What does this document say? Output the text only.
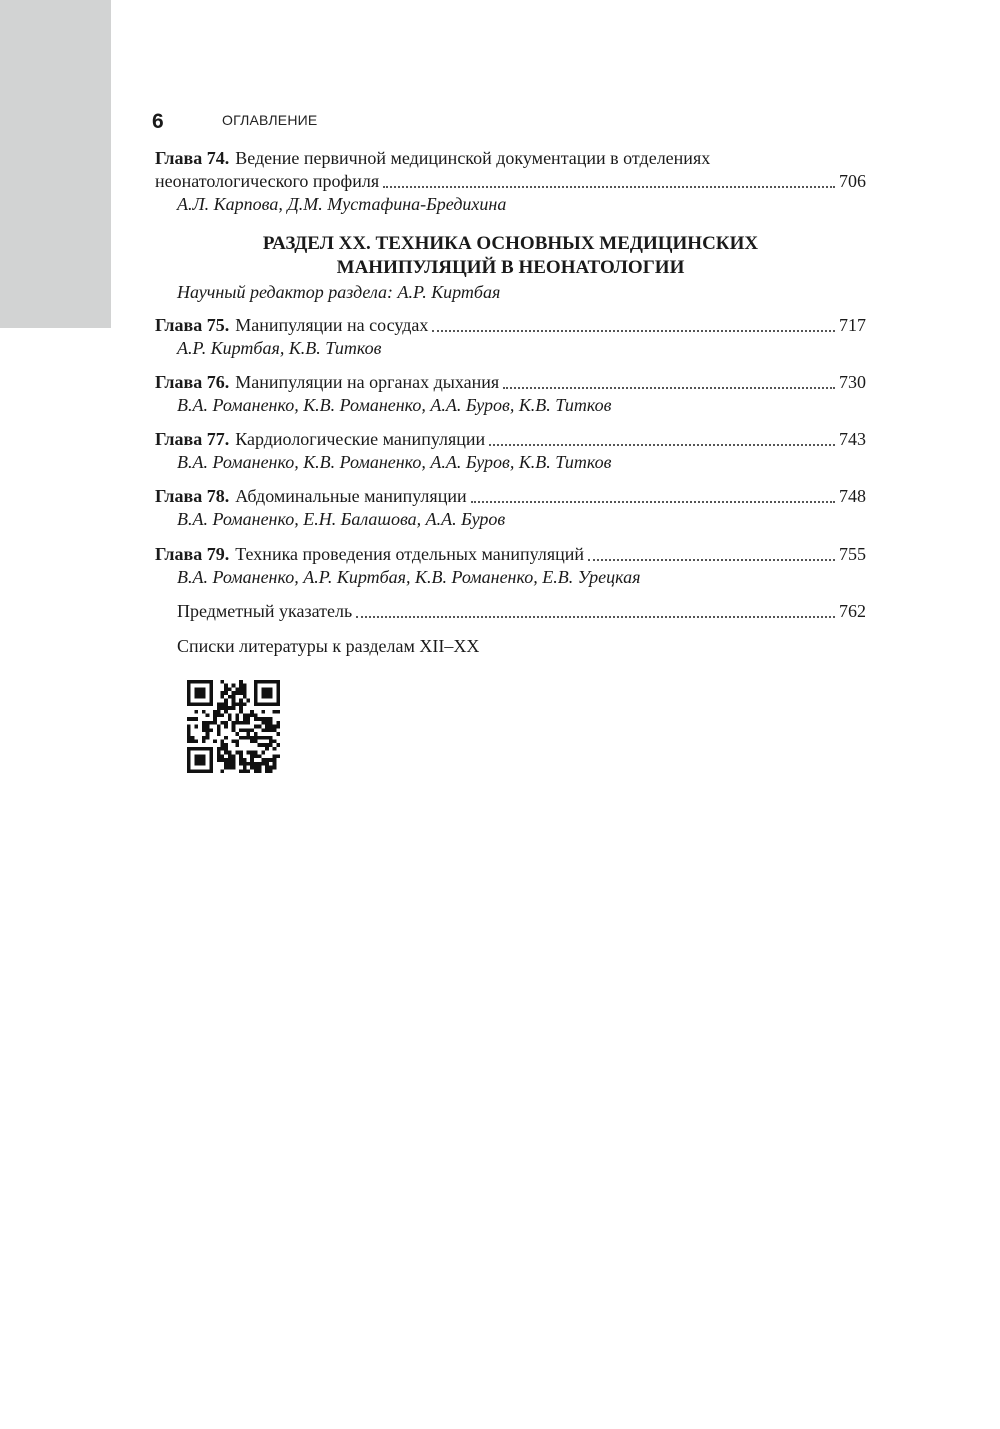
6	ОГЛАВЛЕНИЕ
Глава 74. Ведение первичной медицинской документации в отделениях
неонатологического профиля	706
А.Л. Карпова, Д.М. Мустафина-Бредихина
РАЗДЕЛ XX. ТЕХНИКА ОСНОВНЫХ МЕДИЦИНСКИХ
МАНИПУЛЯЦИЙ В НЕОНАТОЛОГИИ
Научный редактор раздела: А.Р. Киртбая
Глава 75. Манипуляции на сосудах	717
А.Р. Киртбая, К.В. Титков
Глава 76. Манипуляции на органах дыхания	730
В.А. Романенко, К.В. Романенко, А.А. Буров, К.В. Титков
Глава 77. Кардиологические манипуляции	743
В.А. Романенко, К.В. Романенко, А.А. Буров, К.В. Титков
Глава 78. Абдоминальные манипуляции	748
В.А. Романенко, Е.Н. Балашова, А.А. Буров
Глава 79. Техника проведения отдельных манипуляций	755
В.А. Романенко, А.Р. Киртбая, К.В. Романенко, Е.В. Урецкая
Предметный указатель	762
Списки литературы к разделам XII–XX
